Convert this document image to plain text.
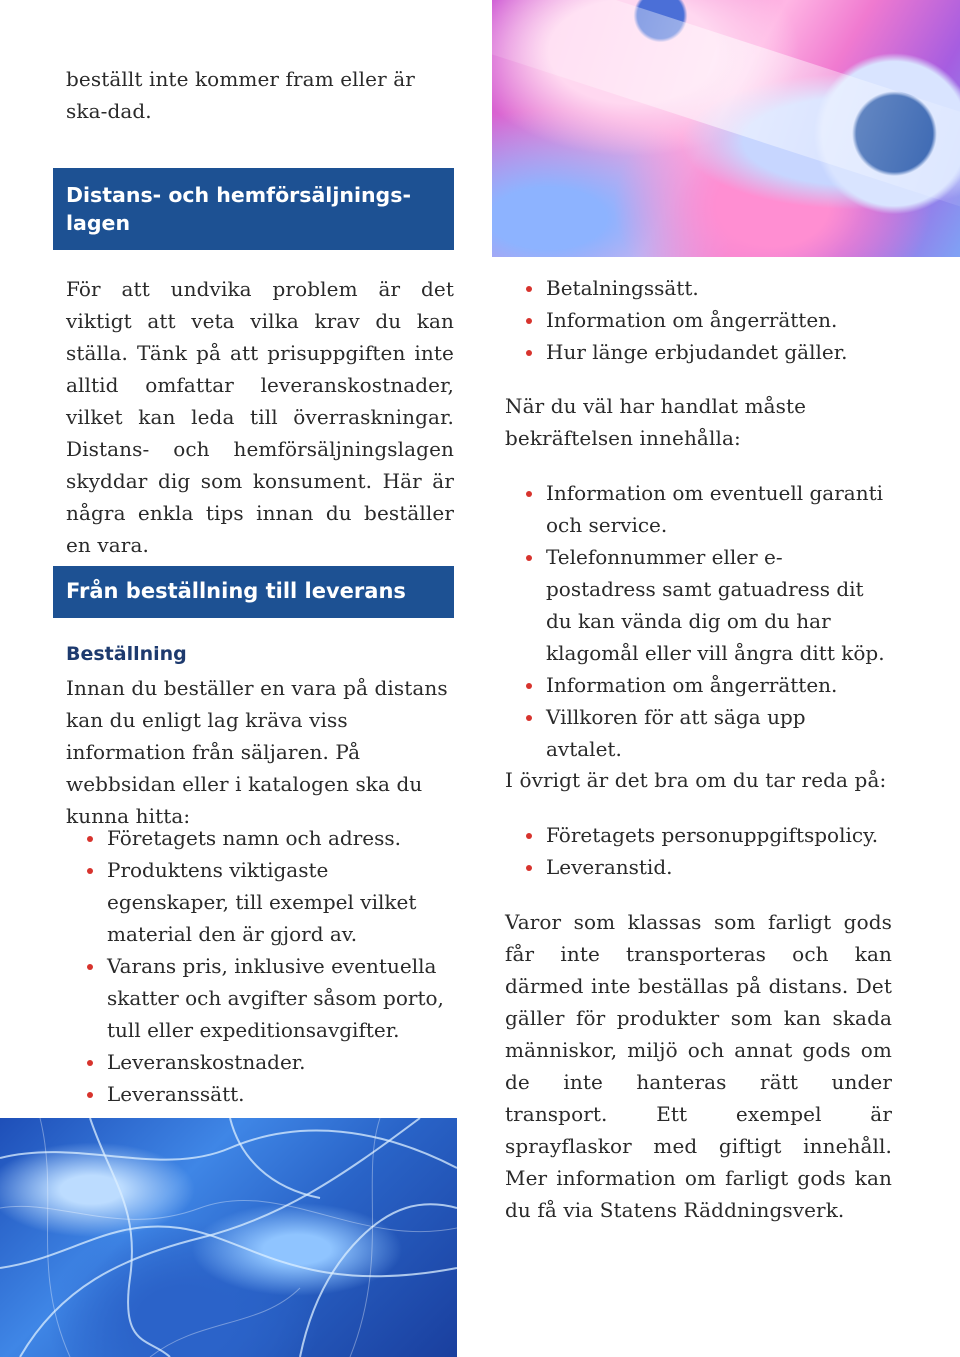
beställt inte kommer fram eller är ska-dad.

Distans- och hemförsäljnings-lagen

För att undvika problem är det viktigt att veta vilka krav du kan ställa. Tänk på att prisuppgiften inte alltid omfattar leveranskostnader, vilket kan leda till överraskningar. Distans- och hemförsäljningslagen skyddar dig som konsument. Här är några enkla tips innan du beställer en vara.

Från beställning till leverans
Beställning

Innan du beställer en vara på distans kan du enligt lag kräva viss information från säljaren. På webbsidan eller i katalogen ska du kunna hitta:

Företagets namn och adress.
Produktens viktigaste egenskaper, till exempel vilket material den är gjord av.
Varans pris, inklusive eventuella skatter och avgifter såsom porto, tull eller expeditionsavgifter.
Leveranskostnader.
Leveranssätt.
Betalningssätt.
Information om ångerrätten.
Hur länge erbjudandet gäller.

När du väl har handlat måste bekräftelsen innehålla:

Information om eventuell garanti och service.
Telefonnummer eller e-postadress samt gatuadress dit du kan vända dig om du har klagomål eller vill ångra ditt köp.
Information om ångerrätten.
Villkoren för att säga upp avtalet.

I övrigt är det bra om du tar reda på:

Företagets personuppgiftspolicy.
Leveranstid.

Varor som klassas som farligt gods får inte transporteras och kan därmed inte beställas på distans. Det gäller för produkter som kan skada människor, miljö och annat gods om de inte hanteras rätt under transport. Ett exempel är sprayflaskor med giftigt innehåll. Mer information om farligt gods kan du få via Statens Räddningsverk.
